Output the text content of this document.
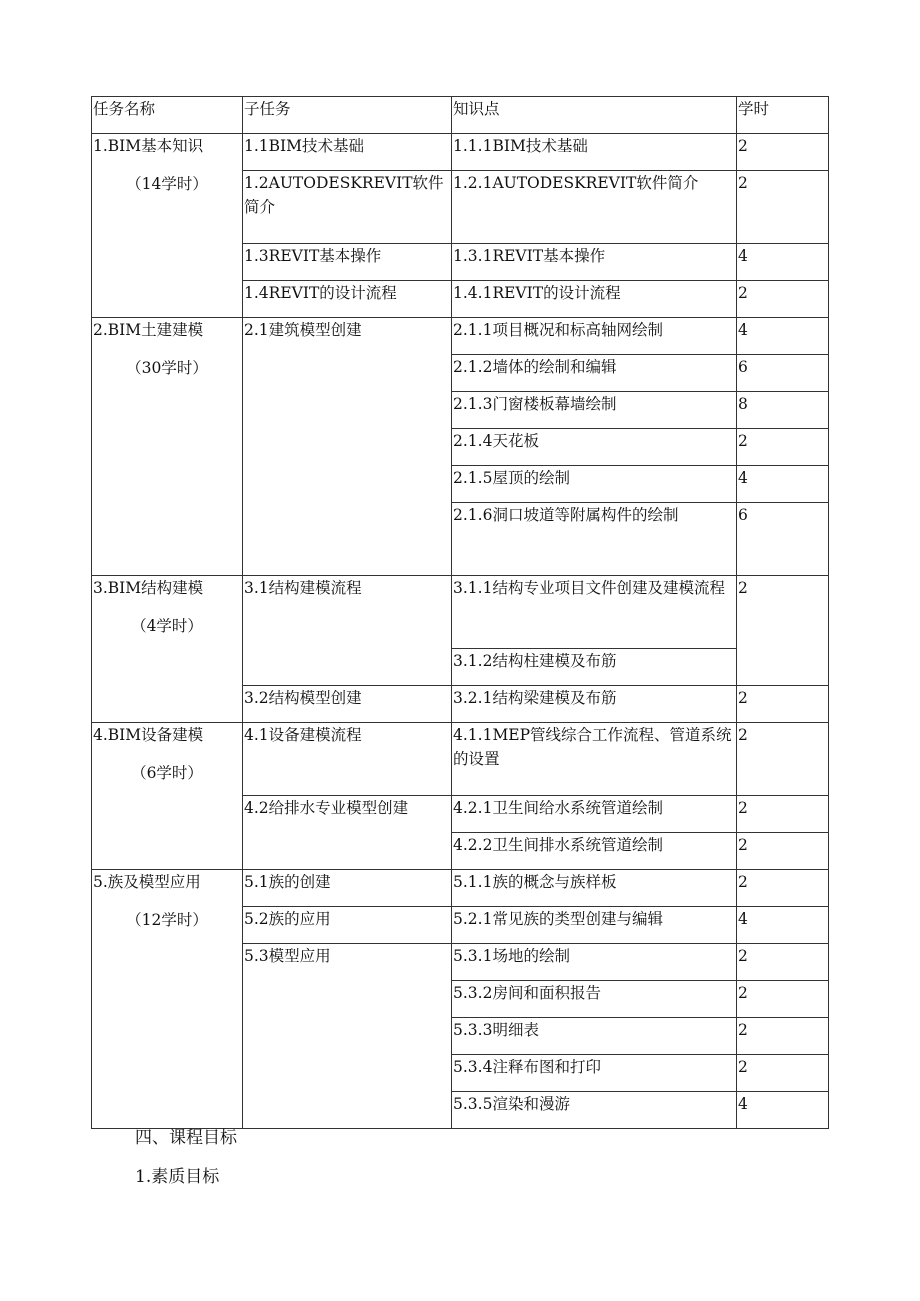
任务名称	子任务	知识点	学时

1.BIM基本知识
（14学时）	1.1BIM技术基础	1.1.1BIM技术基础	2
	1.2AUTODESKREVIT软件简介	1.2.1AUTODESKREVIT软件简介	2
	1.3REVIT基本操作	1.3.1REVIT基本操作	4
	1.4REVIT的设计流程	1.4.1REVIT的设计流程	2

2.BIM土建建模
（30学时）	2.1建筑模型创建	2.1.1项目概况和标高轴网绘制	4
		2.1.2墙体的绘制和编辑	6
		2.1.3门窗楼板幕墙绘制	8
		2.1.4天花板	2
		2.1.5屋顶的绘制	4
		2.1.6洞口坡道等附属构件的绘制	6

3.BIM结构建模
（4学时）	3.1结构建模流程	3.1.1结构专业项目文件创建及建模流程	2
		3.1.2结构柱建模及布筋	
	3.2结构模型创建	3.2.1结构梁建模及布筋	2

4.BIM设备建模
（6学时）	4.1设备建模流程	4.1.1MEP管线综合工作流程、管道系统的设置	2
	4.2给排水专业模型创建	4.2.1卫生间给水系统管道绘制	2
		4.2.2卫生间排水系统管道绘制	2

5.族及模型应用
（12学时）	5.1族的创建	5.1.1族的概念与族样板	2
	5.2族的应用	5.2.1常见族的类型创建与编辑	4
	5.3模型应用	5.3.1场地的绘制	2
		5.3.2房间和面积报告	2
		5.3.3明细表	2
		5.3.4注释布图和打印	2
		5.3.5渲染和漫游	4
四、课程目标
1.素质目标
